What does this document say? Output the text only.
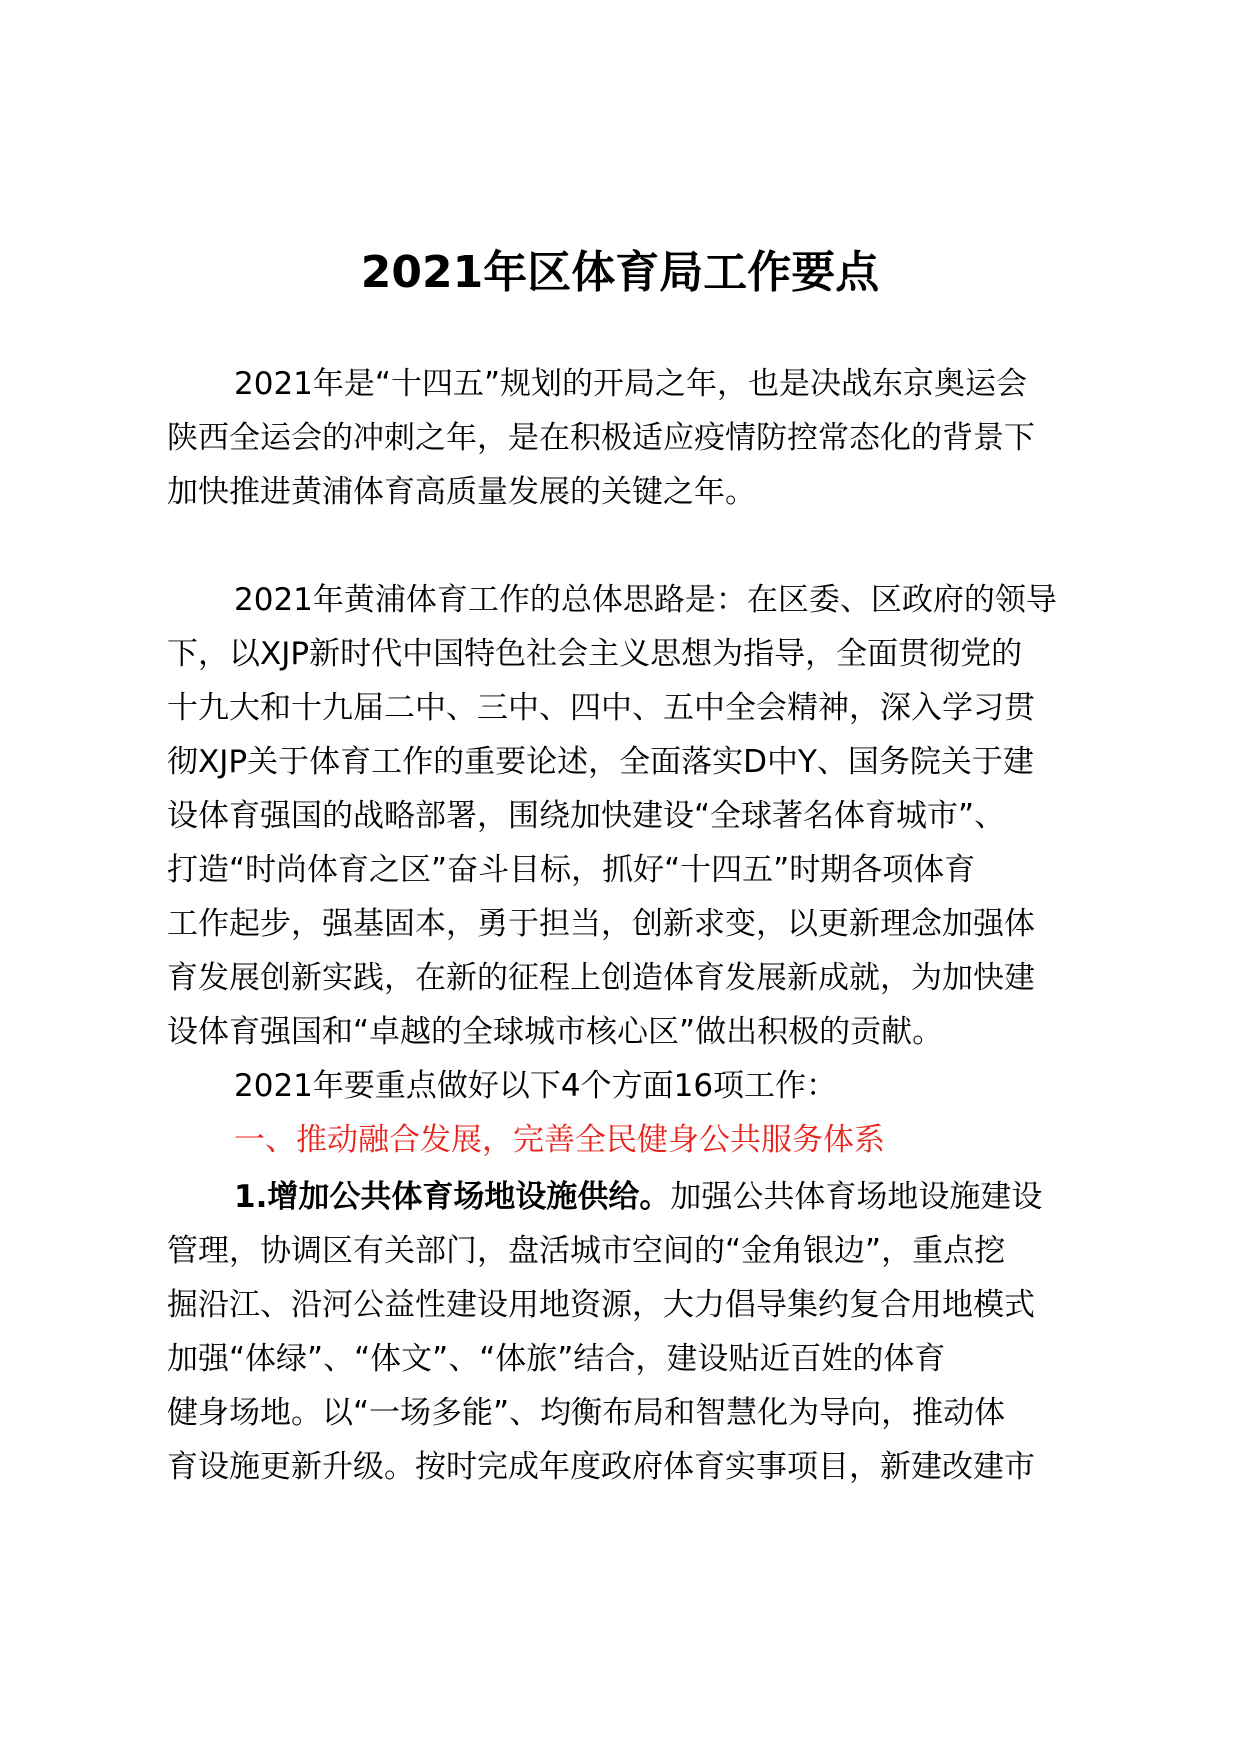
2021年区体育局工作要点
2021年是“十四五”规划的开局之年，也是决战东京奥运会
陕西全运会的冲刺之年，是在积极适应疫情防控常态化的背景下
加快推进黄浦体育高质量发展的关键之年。
2021年黄浦体育工作的总体思路是：在区委、区政府的领导
下，以XJP新时代中国特色社会主义思想为指导，全面贯彻党的
十九大和十九届二中、三中、四中、五中全会精神，深入学习贯
彻XJP关于体育工作的重要论述，全面落实D中Y、国务院关于建
设体育强国的战略部署，围绕加快建设“全球著名体育城市”、
打造“时尚体育之区”奋斗目标，抓好“十四五”时期各项体育
工作起步，强基固本，勇于担当，创新求变，以更新理念加强体
育发展创新实践，在新的征程上创造体育发展新成就，为加快建
设体育强国和“卓越的全球城市核心区”做出积极的贡献。
2021年要重点做好以下4个方面16项工作：
一、推动融合发展，完善全民健身公共服务体系
1.增加公共体育场地设施供给。加强公共体育场地设施建设
管理，协调区有关部门，盘活城市空间的“金角银边”，重点挖
掘沿江、沿河公益性建设用地资源，大力倡导集约复合用地模式
加强“体绿”、“体文”、“体旅”结合，建设贴近百姓的体育
健身场地。以“一场多能”、均衡布局和智慧化为导向，推动体
育设施更新升级。按时完成年度政府体育实事项目，新建改建市
